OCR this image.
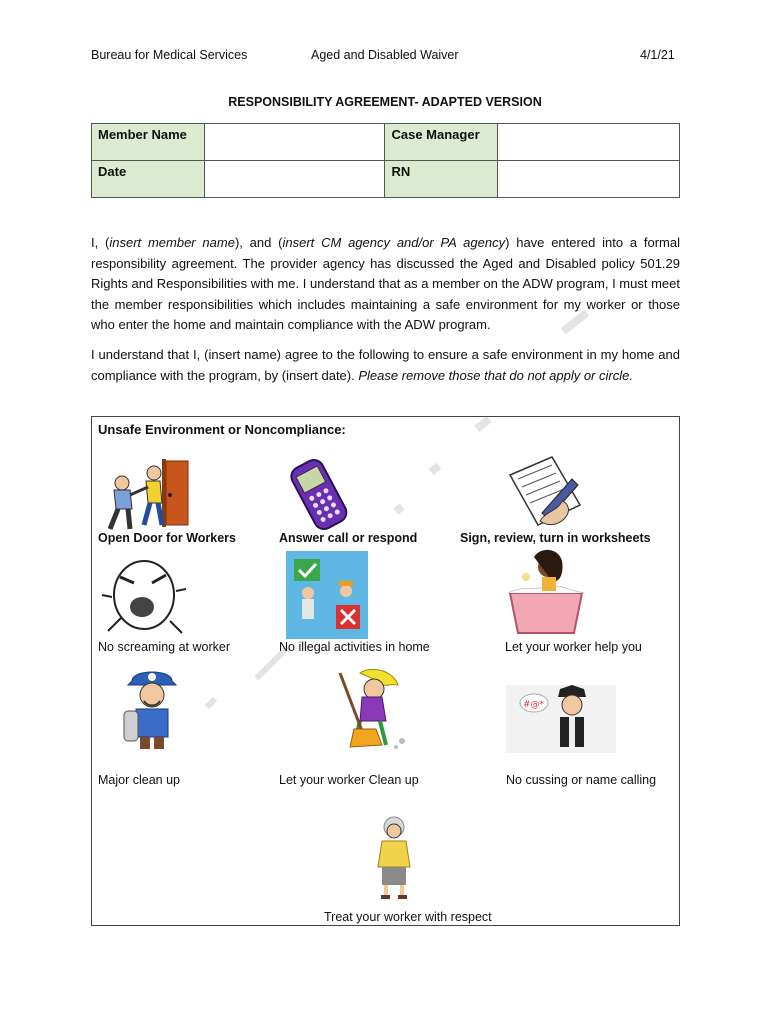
Bureau for Medical Services	Aged and Disabled Waiver	4/1/21
RESPONSIBILITY AGREEMENT- ADAPTED VERSION
Member Name		Case Manager	
Date		RN	
I, (insert member name), and (insert CM agency and/or PA agency) have entered into a formal responsibility agreement. The provider agency has discussed the Aged and Disabled policy 501.29 Rights and Responsibilities with me. I understand that as a member on the ADW program, I must meet the member responsibilities which includes maintaining a safe environment for my worker or those who enter the home and maintain compliance with the ADW program.
I understand that I, (insert name) agree to the following to ensure a safe environment in my home and compliance with the program, by (insert date). Please remove those that do not apply or circle.
Unsafe Environment or Noncompliance:
Open Door for Workers	Answer call or respond	Sign, review, turn in worksheets
No screaming at worker	No illegal activities in home	Let your worker help you
#@*
Major clean up	Let your worker Clean up	No cussing or name calling
Treat your worker with respect
